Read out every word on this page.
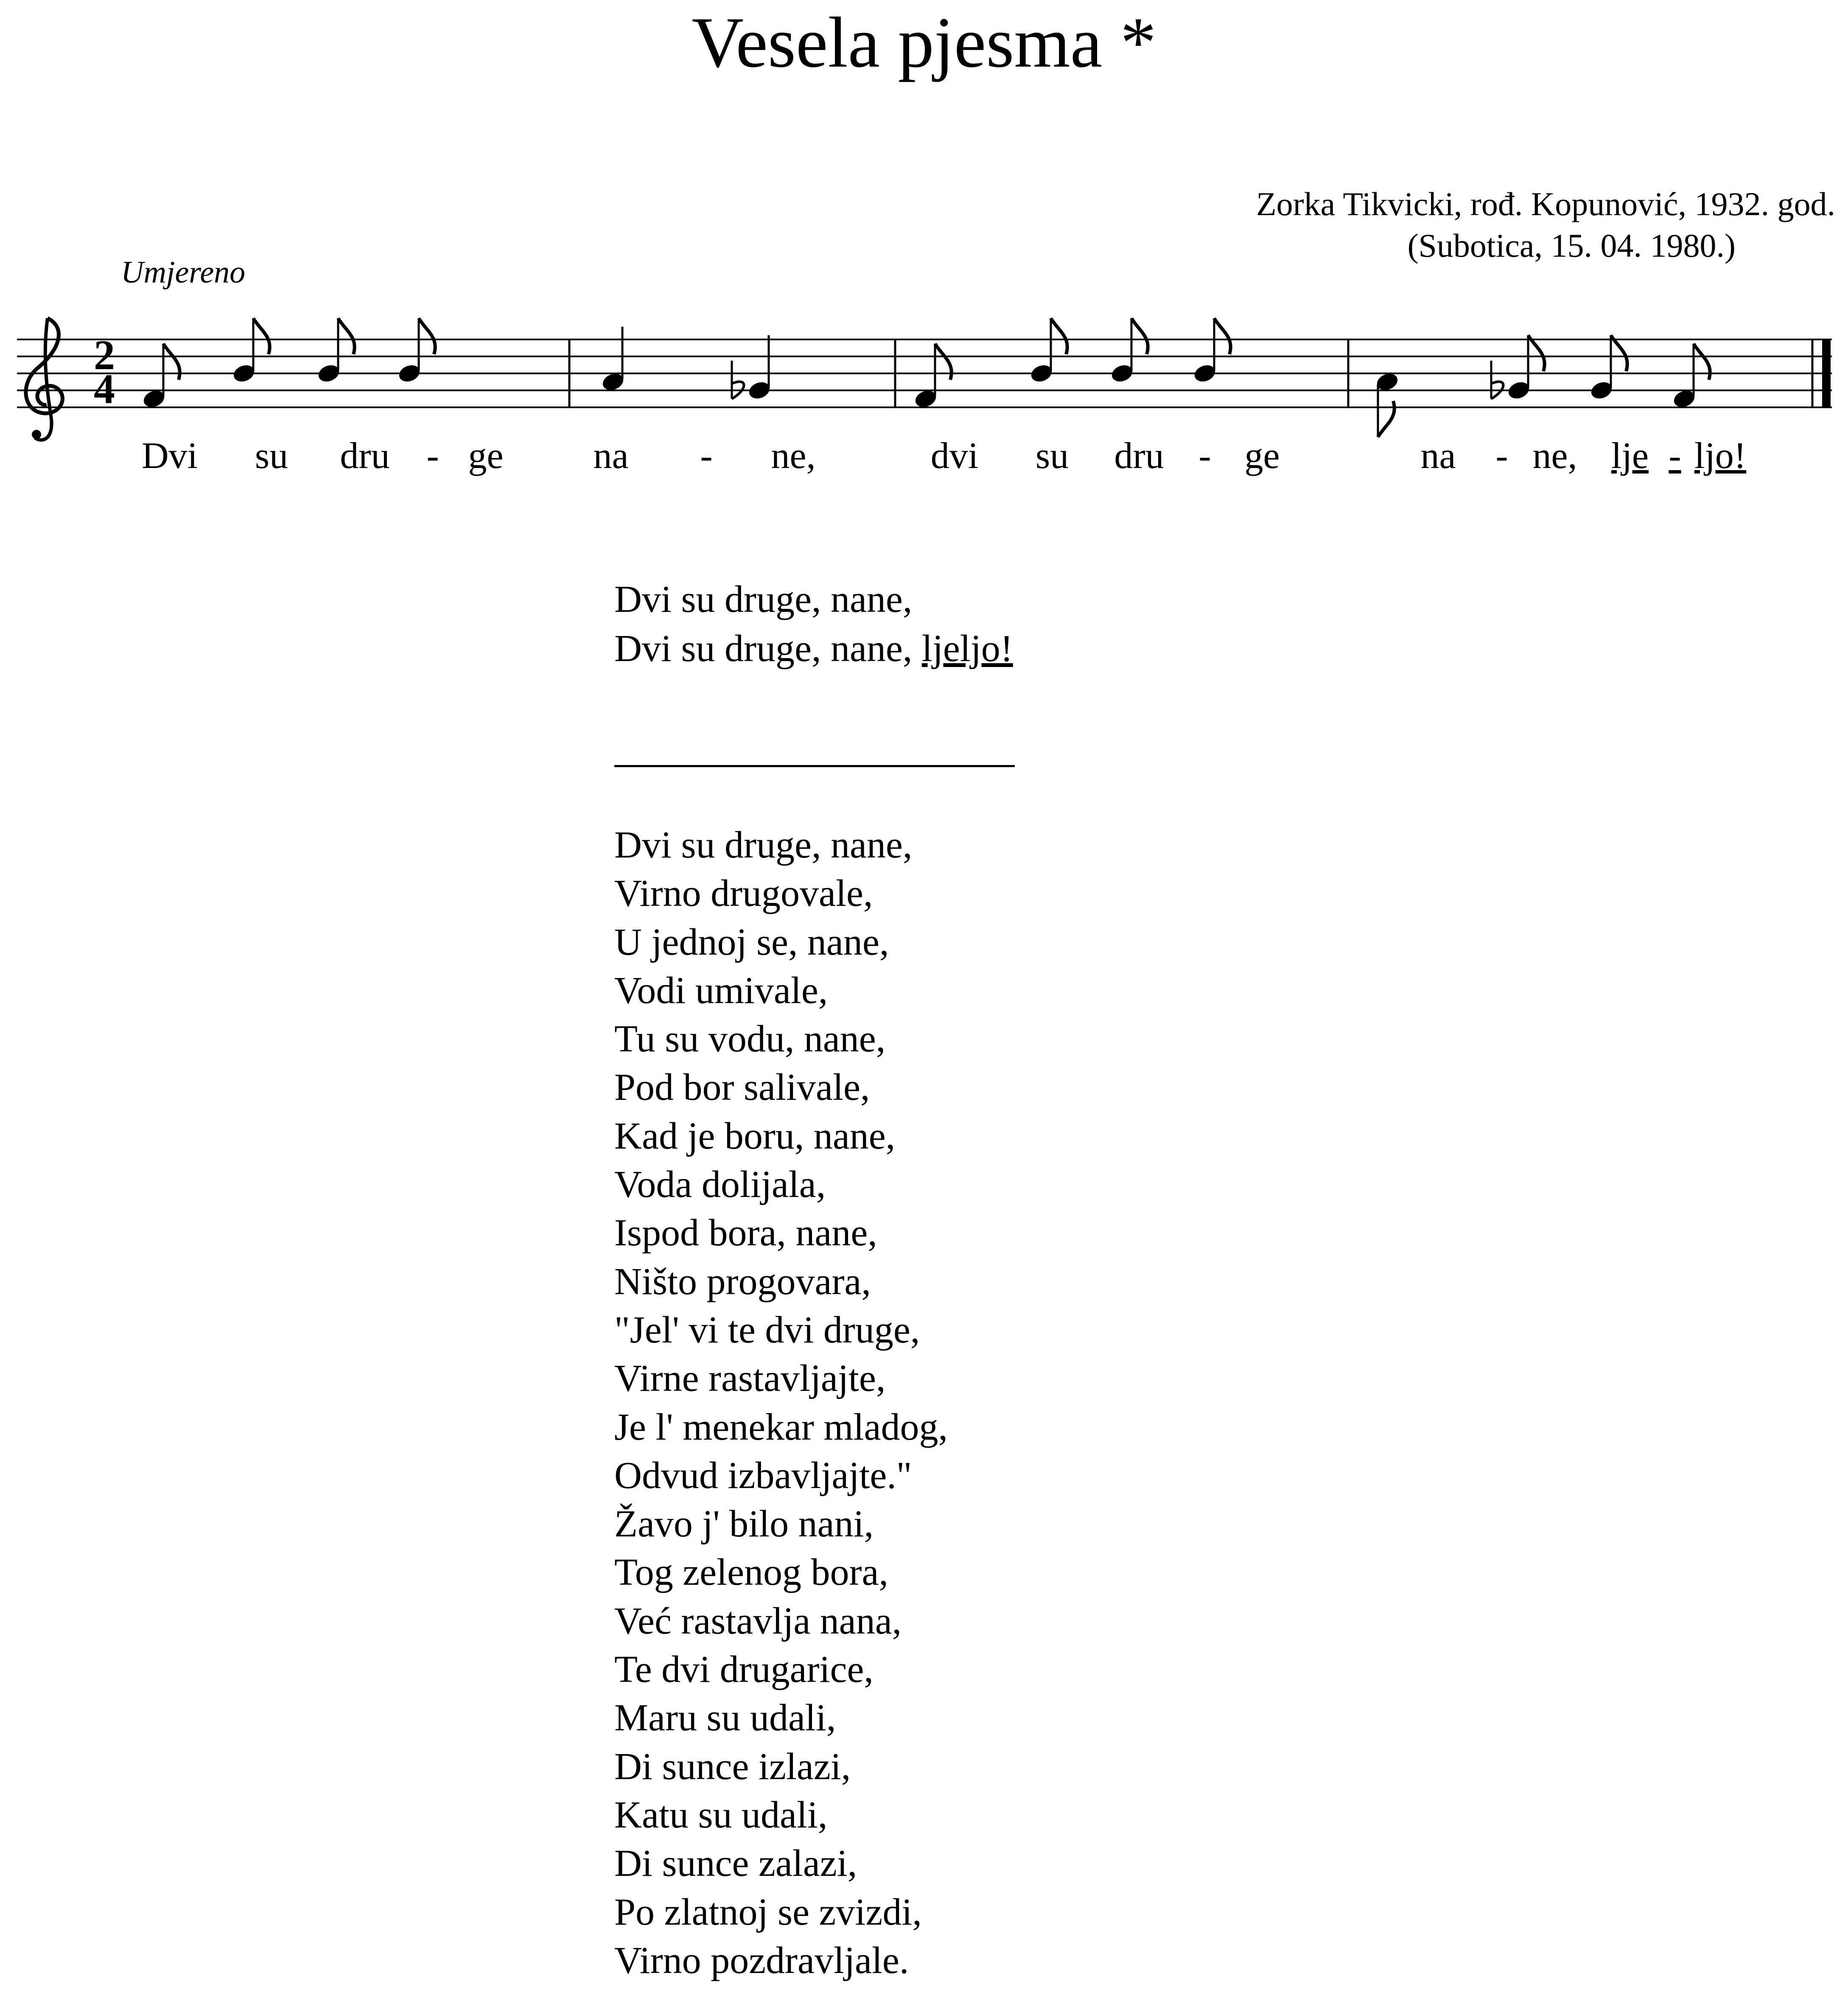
Vesela pjesma *
Zorka Tikvicki, rođ. Kopunović, 1932. god.
(Subotica, 15. 04. 1980.)
Umjereno
2
4
Dvi su dru ge na	ne,	dvi su dru ge	na ne, lje ljo!
-	-	-	-	-
Dvi su druge, nane,
Dvi su druge, nane, ljeljo!
Dvi su druge, nane,
Virno drugovale,
U jednoj se, nane,
Vodi umivale,
Tu su vodu, nane,
Pod bor salivale,
Kad je boru, nane,
Voda dolijala,
Ispod bora, nane,
Ništo progovara,
"Jel' vi te dvi druge,
Virne rastavljajte,
Je l' menekar mladog,
Odvud izbavljajte."
Žavo j' bilo nani,
Tog zelenog bora,
Već rastavlja nana,
Te dvi drugarice,
Maru su udali,
Di sunce izlazi,
Katu su udali,
Di sunce zalazi,
Po zlatnoj se zvizdi,
Virno pozdravljale.
